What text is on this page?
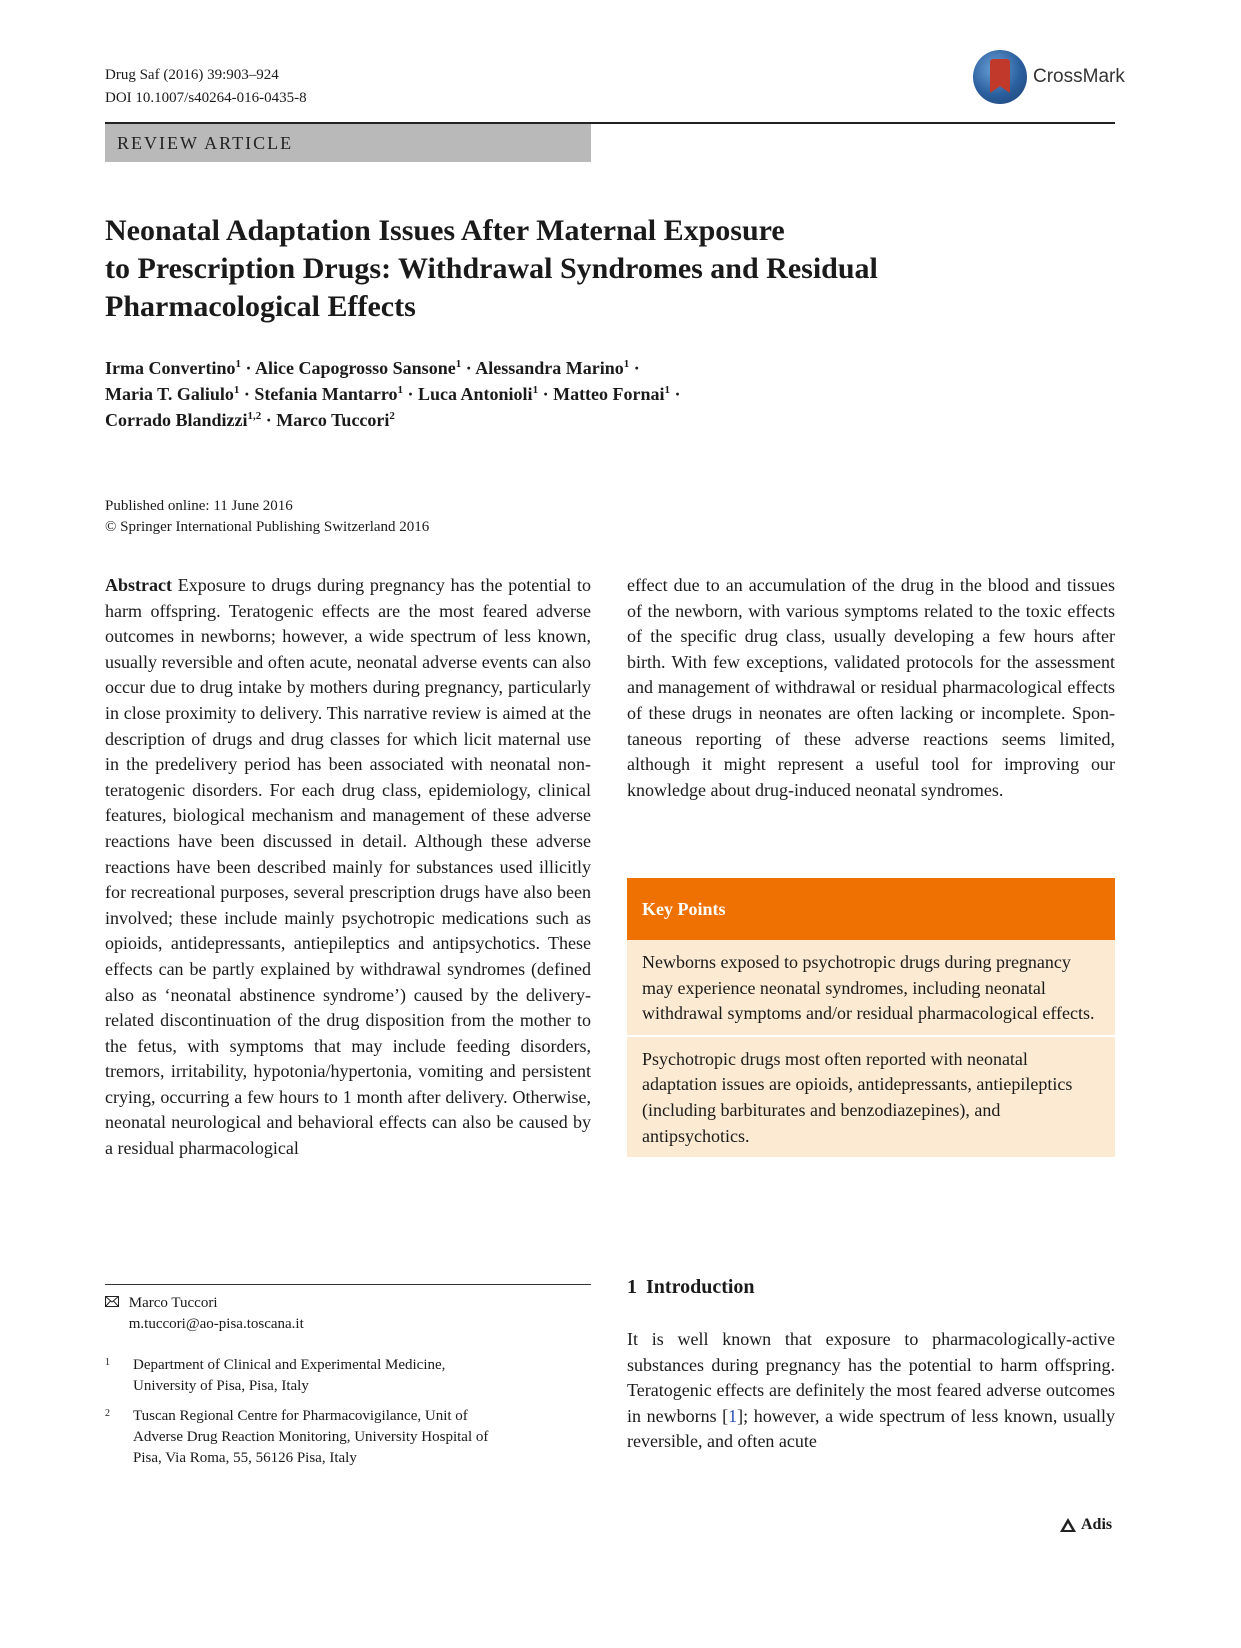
Drug Saf (2016) 39:903–924
DOI 10.1007/s40264-016-0435-8
CrossMark
REVIEW ARTICLE
Neonatal Adaptation Issues After Maternal Exposure
to Prescription Drugs: Withdrawal Syndromes and Residual
Pharmacological Effects
Irma Convertino$^1$ · Alice Capogrosso Sansone$^1$ · Alessandra Marino$^1$ ·
Maria T. Galiulo$^1$ · Stefania Mantarro$^1$ · Luca Antonioli$^1$ · Matteo Fornai$^1$ ·
Corrado Blandizzi$^{1,2}$ · Marco Tuccori$^2$
Published online: 11 June 2016
© Springer International Publishing Switzerland 2016
Abstract Exposure to drugs during pregnancy has the potential to harm offspring. Teratogenic effects are the most feared adverse outcomes in newborns; however, a wide spectrum of less known, usually reversible and often acute, neonatal adverse events can also occur due to drug intake by mothers during pregnancy, particularly in close proximity to delivery. This narrative review is aimed at the description of drugs and drug classes for which licit maternal use in the predelivery period has been associated with neonatal non-teratogenic disorders. For each drug class, epidemiology, clinical features, biological mechanism and management of these adverse reactions have been discussed in detail. Although these adverse reactions have been described mainly for substances used illicitly for recreational purposes, several prescription drugs have also been involved; these include mainly psychotropic medications such as opioids, antidepressants, antiepileptics and antipsychotics. These effects can be partly explained by withdrawal syndromes (defined also as ‘neonatal abstinence syndrome’) caused by the delivery-related discontinuation of the drug disposition from the mother to the fetus, with symptoms that may include feeding disorders, tremors, irritability, hypotonia/hypertonia, vomiting and persistent crying, occurring a few hours to 1 month after delivery. Otherwise, neonatal neurological and behavioral effects can also be caused by a residual pharmacological
effect due to an accumulation of the drug in the blood and tissues of the newborn, with various symptoms related to the toxic effects of the specific drug class, usually developing a few hours after birth. With few exceptions, validated protocols for the assessment and management of withdrawal or residual pharmacological effects of these drugs in neonates are often lacking or incomplete. Spontaneous reporting of these adverse reactions seems limited, although it might represent a useful tool for improving our knowledge about drug-induced neonatal syndromes.
Key Points
Newborns exposed to psychotropic drugs during pregnancy may experience neonatal syndromes, including neonatal withdrawal symptoms and/or residual pharmacological effects.
Psychotropic drugs most often reported with neonatal adaptation issues are opioids, antidepressants, antiepileptics (including barbiturates and benzodiazepines), and antipsychotics.

Marco Tuccori
m.tuccori@ao-pisa.toscana.it
1	Department of Clinical and Experimental Medicine,
University of Pisa, Pisa, Italy
2	Tuscan Regional Centre for Pharmacovigilance, Unit of
Adverse Drug Reaction Monitoring, University Hospital of
Pisa, Via Roma, 55, 56126 Pisa, Italy
1 Introduction
It is well known that exposure to pharmacologically-active substances during pregnancy has the potential to harm offspring. Teratogenic effects are definitely the most feared adverse outcomes in newborns [1]; however, a wide spectrum of less known, usually reversible, and often acute
Adis
